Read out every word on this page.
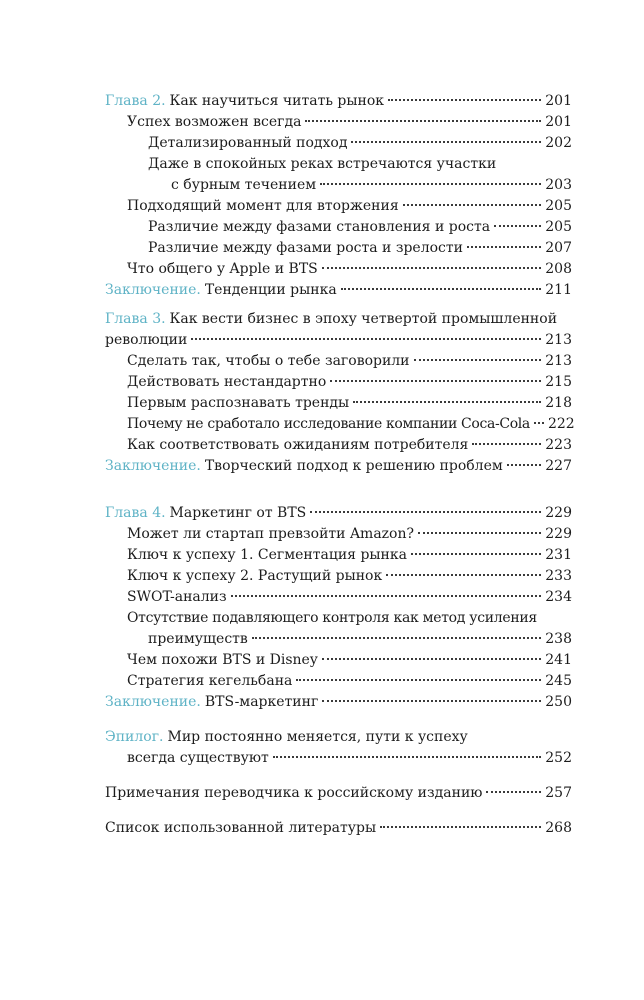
Глава 2. Как научиться читать рынок	201
Успех возможен всегда	201
Детализированный подход	202
Даже в спокойных реках встречаются участки
с бурным течением	203
Подходящий момент для вторжения	205
Различие между фазами становления и роста	205
Различие между фазами роста и зрелости	207
Что общего у Apple и BTS	208
Заключение. Тенденции рынка	211
Глава 3. Как вести бизнес в эпоху четвертой промышленной
революции	213
Сделать так, чтобы о тебе заговорили	213
Действовать нестандартно	215
Первым распознавать тренды	218
Почему не сработало исследование компании Coca-Cola 222
Как соответствовать ожиданиям потребителя	223
Заключение. Творческий подход к решению проблем	227
Глава 4. Маркетинг от BTS	229
Может ли стартап превзойти Amazon?	229
Ключ к успеху 1. Сегментация рынка	231
Ключ к успеху 2. Растущий рынок	233
SWOT-анализ	234
Отсутствие подавляющего контроля как метод усиления
преимуществ	238
Чем похожи BTS и Disney	241
Стратегия кегельбана	245
Заключение. BTS-маркетинг	250
Эпилог. Мир постоянно меняется, пути к успеху
всегда существуют	252
Примечания переводчика к российскому изданию	257
Список использованной литературы	268
